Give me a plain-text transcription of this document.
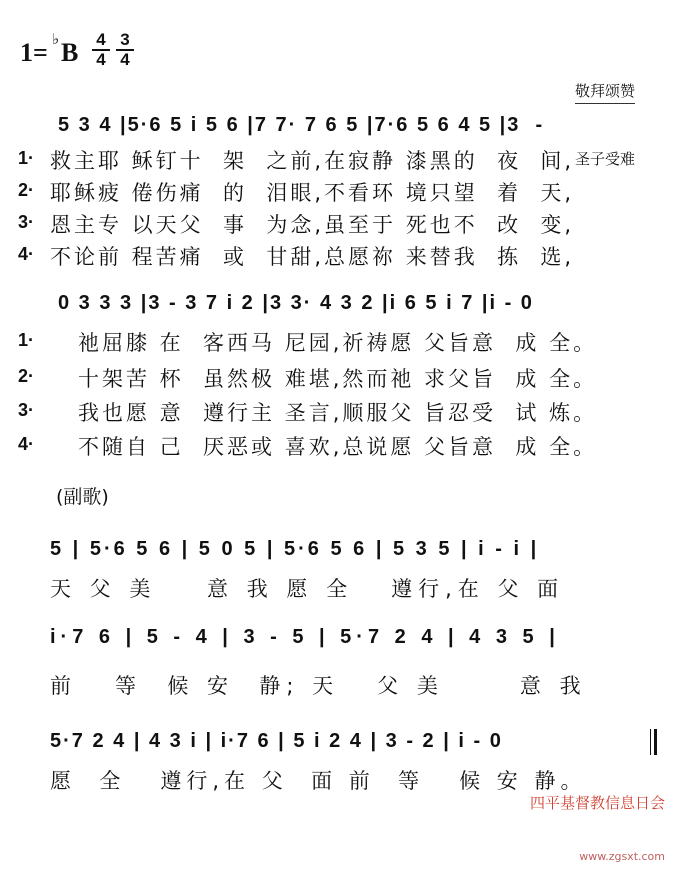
1= ♭ B 4
4
3
4

敬拜颂赞

圣子受难

5 3 4 |5·6 5 i 5 6 |7 7· 7 6 5 |7·6 5 6 4 5 |3  -
1·
2·
3·
4·
救主耶 稣钉十  架  之前,在寂静 漆黑的  夜  间,
耶稣疲 倦伤痛  的  泪眼,不看环 境只望  着  天,
恩主专 以天父  事  为念,虽至于 死也不  改  变,
不论前 程苦痛  或  甘甜,总愿祢 来替我  拣  选,
0 3 3 3 |3 - 3 7 i 2 |3 3· 4 3 2 |i 6 5 i 7 |i - 0
1·
2·
3·
4·
祂屈膝 在  客西马 尼园,祈祷愿 父旨意  成 全。
十架苦 杯  虽然极 难堪,然而祂 求父旨  成 全。
我也愿 意  遵行主 圣言,顺服父 旨忍受  试 炼。
不随自 己  厌恶或 喜欢,总说愿 父旨意  成 全。
(副歌)
5 | 5·6 5 6 | 5 0 5 | 5·6 5 6 | 5 3 5 | i - i |
天 父 美    意 我 愿 全   遵行,在 父 面
i·7 6 | 5 - 4 | 3 - 5 | 5·7 2 4 | 4 3 5 |
前   等  候 安  静; 天   父 美      意 我
5·7 2 4 | 4 3 i | i·7 6 | 5 i 2 4 | 3 - 2 | i - 0
愿  全   遵行,在 父  面 前  等   候 安 静。

四平基督教信息日会

www.zgsxt.com
